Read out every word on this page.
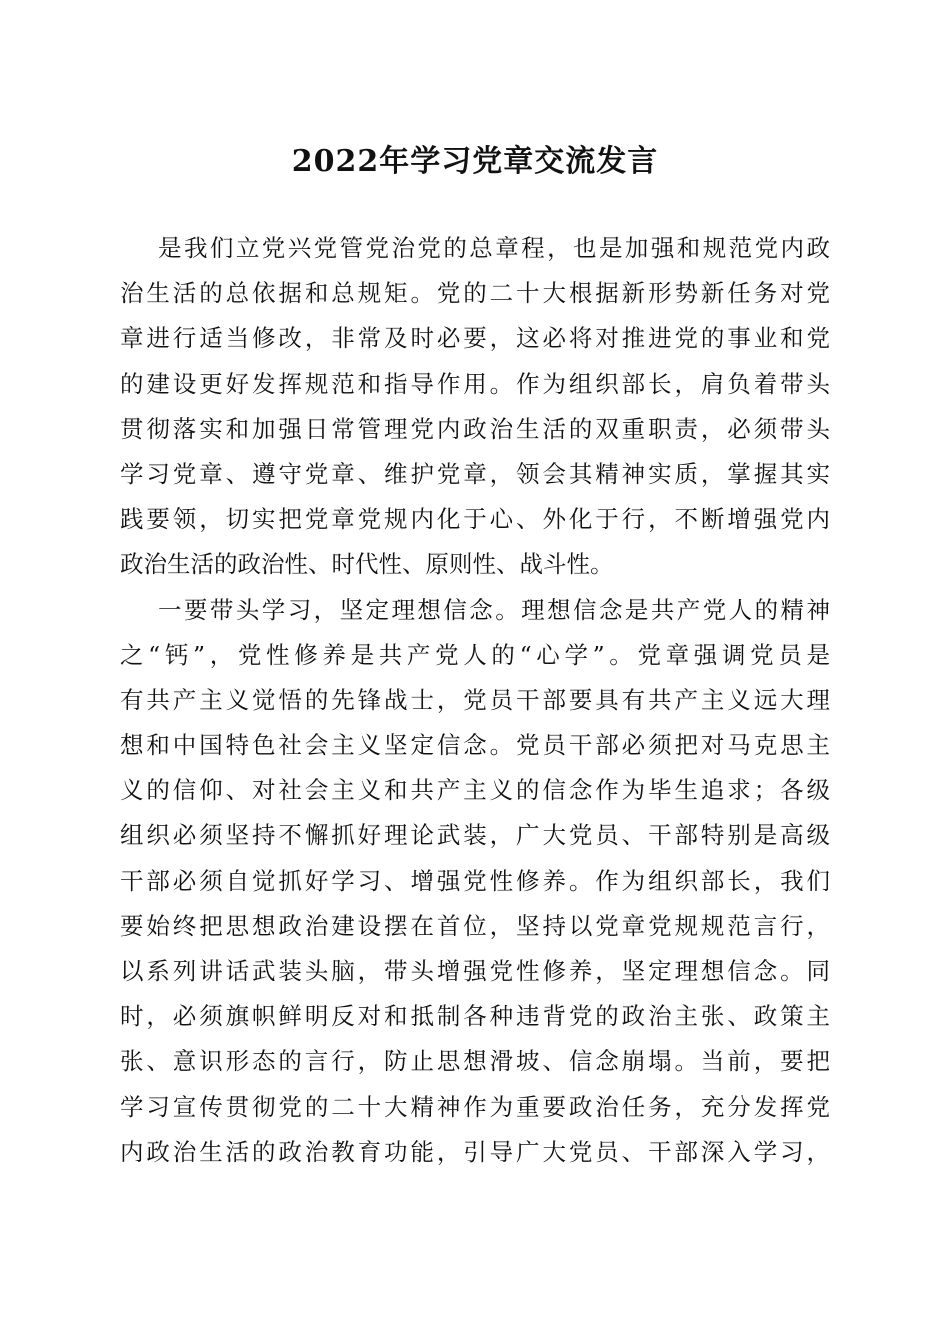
2022年学习党章交流发言
是我们立党兴党管党治党的总章程，也是加强和规范党内政
治生活的总依据和总规矩。党的二十大根据新形势新任务对党
章进行适当修改，非常及时必要，这必将对推进党的事业和党
的建设更好发挥规范和指导作用。作为组织部长，肩负着带头
贯彻落实和加强日常管理党内政治生活的双重职责，必须带头
学习党章、遵守党章、维护党章，领会其精神实质，掌握其实
践要领，切实把党章党规内化于心、外化于行，不断增强党内
政治生活的政治性、时代性、原则性、战斗性。
一要带头学习，坚定理想信念。理想信念是共产党人的精神
之“钙”，党性修养是共产党人的“心学”。党章强调党员是
有共产主义觉悟的先锋战士，党员干部要具有共产主义远大理
想和中国特色社会主义坚定信念。党员干部必须把对马克思主
义的信仰、对社会主义和共产主义的信念作为毕生追求；各级
组织必须坚持不懈抓好理论武装，广大党员、干部特别是高级
干部必须自觉抓好学习、增强党性修养。作为组织部长，我们
要始终把思想政治建设摆在首位，坚持以党章党规规范言行，
以系列讲话武装头脑，带头增强党性修养，坚定理想信念。同
时，必须旗帜鲜明反对和抵制各种违背党的政治主张、政策主
张、意识形态的言行，防止思想滑坡、信念崩塌。当前，要把
学习宣传贯彻党的二十大精神作为重要政治任务，充分发挥党
内政治生活的政治教育功能，引导广大党员、干部深入学习，
